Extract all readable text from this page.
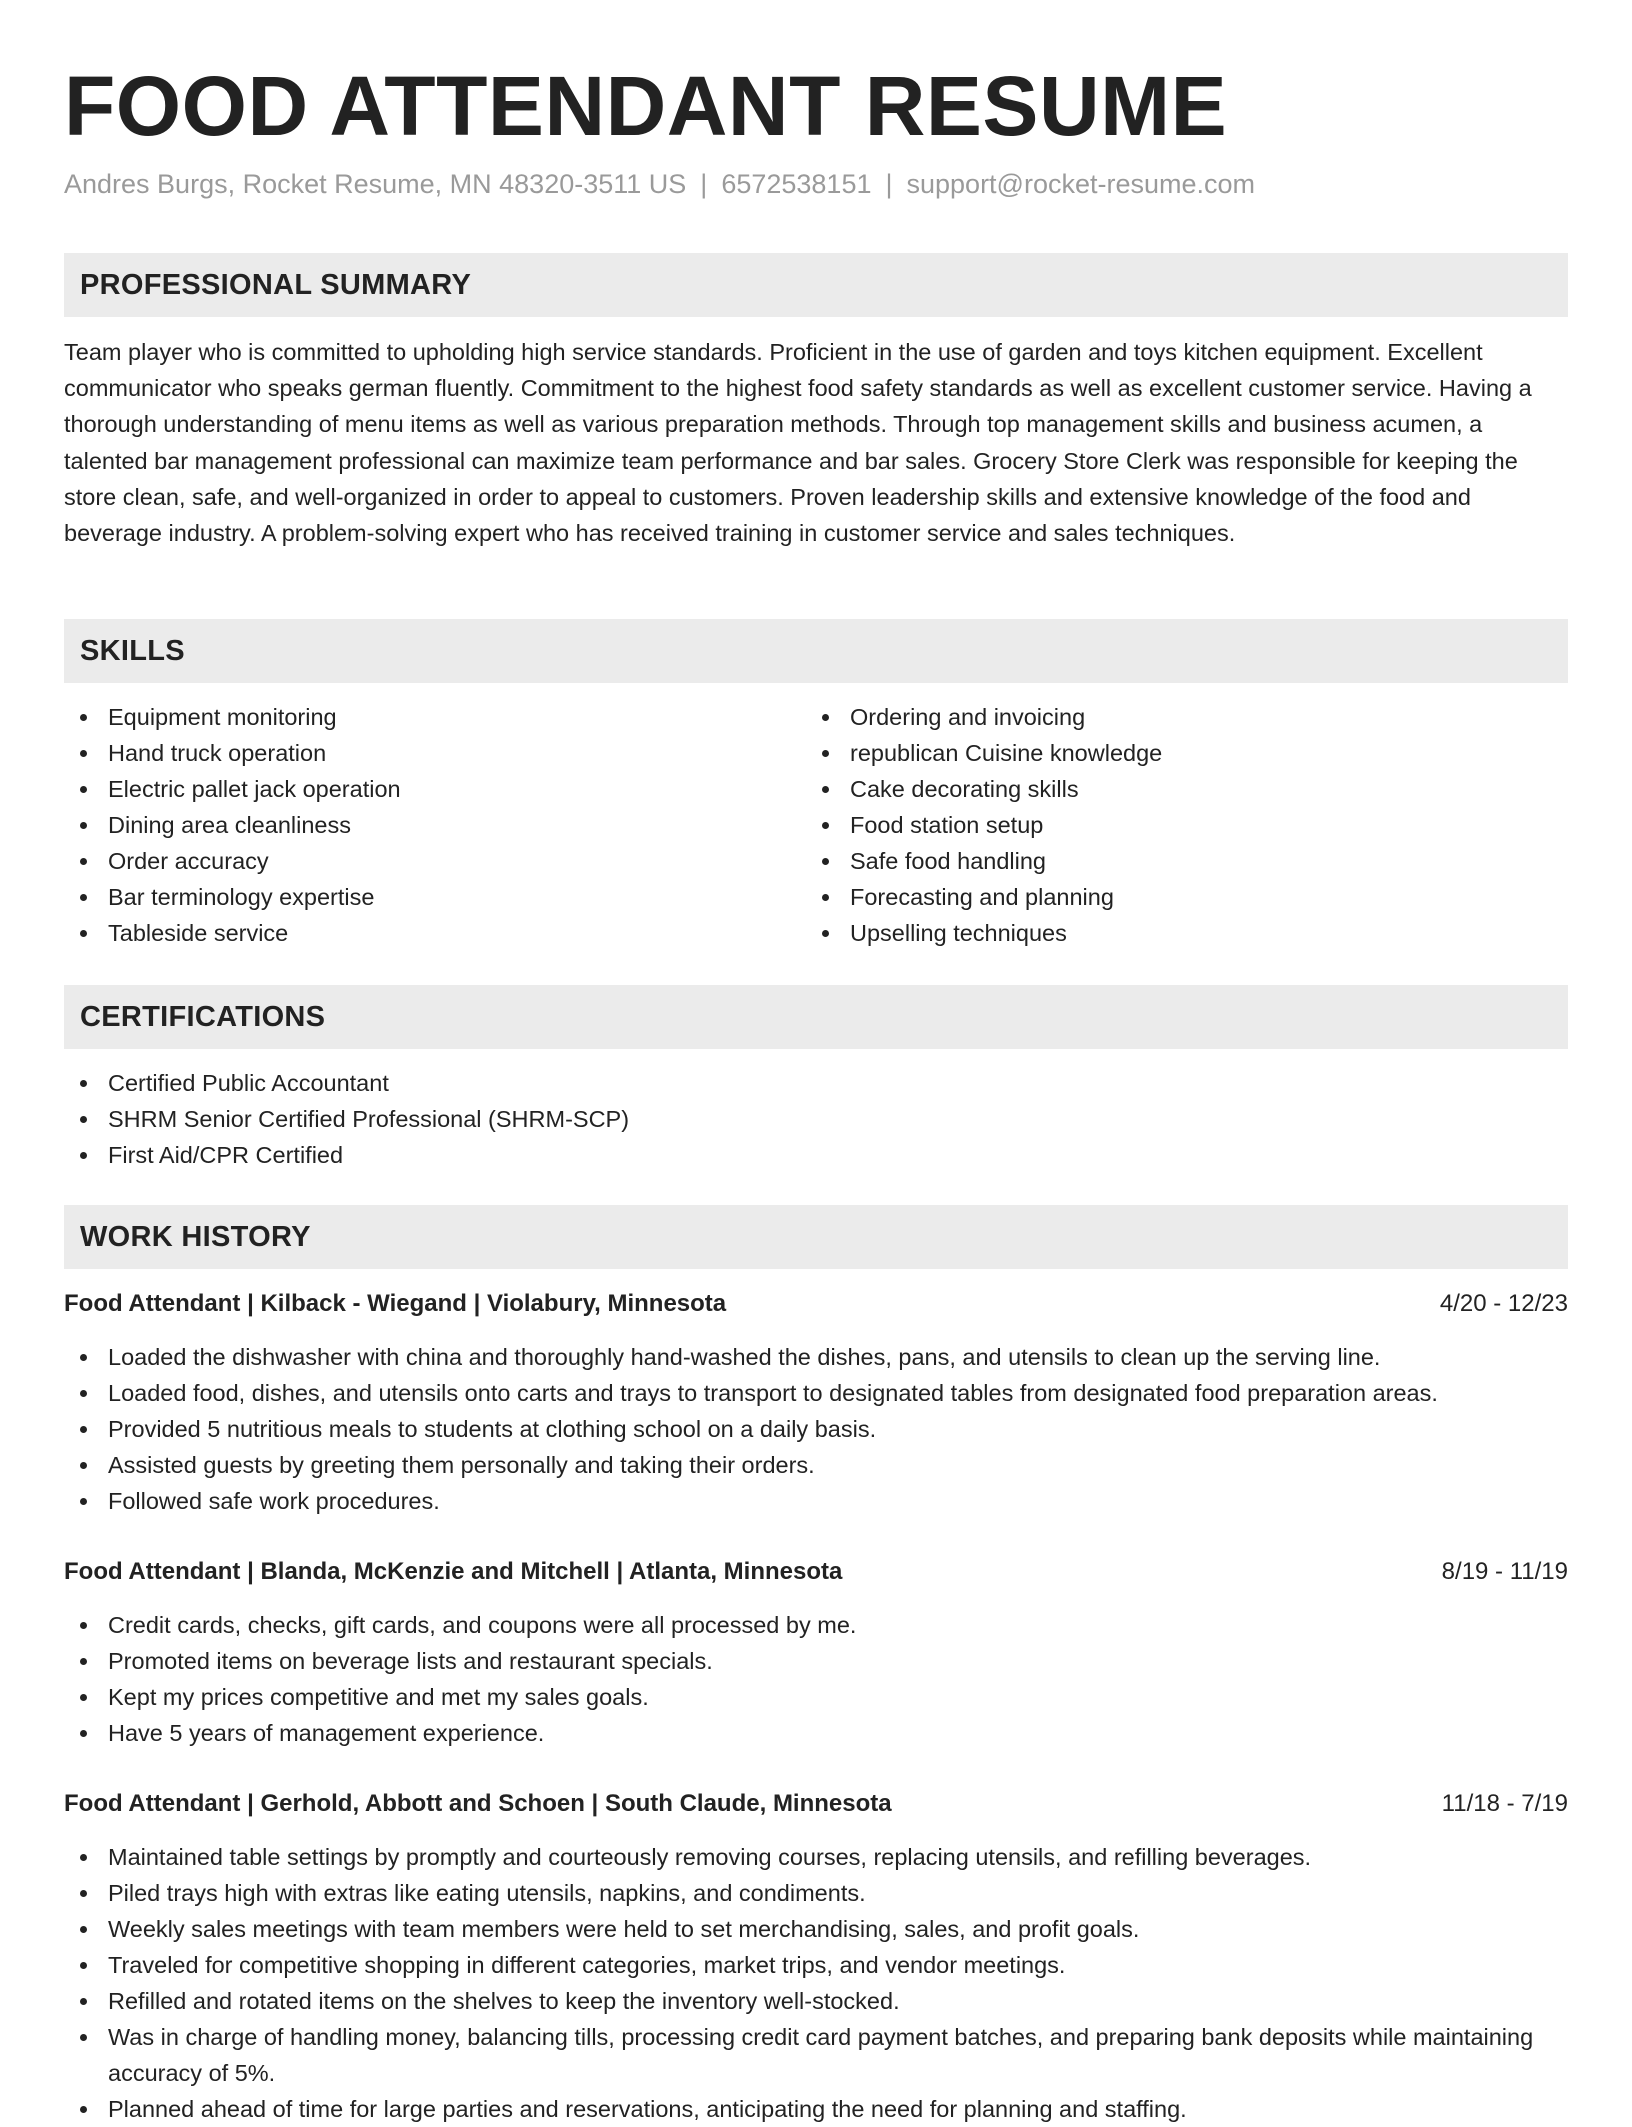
FOOD ATTENDANT RESUME
Andres Burgs, Rocket Resume, MN 48320-3511 US | 6572538151 | support@rocket-resume.com
PROFESSIONAL SUMMARY

Team player who is committed to upholding high service standards. Proficient in the use of garden and toys kitchen equipment. Excellent communicator who speaks german fluently. Commitment to the highest food safety standards as well as excellent customer service. Having a thorough understanding of menu items as well as various preparation methods. Through top management skills and business acumen, a talented bar management professional can maximize team performance and bar sales. Grocery Store Clerk was responsible for keeping the store clean, safe, and well-organized in order to appeal to customers. Proven leadership skills and extensive knowledge of the food and beverage industry. A problem-solving expert who has received training in customer service and sales techniques.

SKILLS
Equipment monitoring
Hand truck operation
Electric pallet jack operation
Dining area cleanliness
Order accuracy
Bar terminology expertise
Tableside service
Ordering and invoicing
republican Cuisine knowledge
Cake decorating skills
Food station setup
Safe food handling
Forecasting and planning
Upselling techniques
CERTIFICATIONS
Certified Public Accountant
SHRM Senior Certified Professional (SHRM-SCP)
First Aid/CPR Certified
WORK HISTORY
Food Attendant | Kilback - Wiegand | Violabury, Minnesota	4/20 - 12/23
Loaded the dishwasher with china and thoroughly hand-washed the dishes, pans, and utensils to clean up the serving line.
Loaded food, dishes, and utensils onto carts and trays to transport to designated tables from designated food preparation areas.
Provided 5 nutritious meals to students at clothing school on a daily basis.
Assisted guests by greeting them personally and taking their orders.
Followed safe work procedures.
Food Attendant | Blanda, McKenzie and Mitchell | Atlanta, Minnesota	8/19 - 11/19
Credit cards, checks, gift cards, and coupons were all processed by me.
Promoted items on beverage lists and restaurant specials.
Kept my prices competitive and met my sales goals.
Have 5 years of management experience.
Food Attendant | Gerhold, Abbott and Schoen | South Claude, Minnesota	11/18 - 7/19
Maintained table settings by promptly and courteously removing courses, replacing utensils, and refilling beverages.
Piled trays high with extras like eating utensils, napkins, and condiments.
Weekly sales meetings with team members were held to set merchandising, sales, and profit goals.
Traveled for competitive shopping in different categories, market trips, and vendor meetings.
Refilled and rotated items on the shelves to keep the inventory well-stocked.
Was in charge of handling money, balancing tills, processing credit card payment batches, and preparing bank deposits while maintaining accuracy of 5%.
Planned ahead of time for large parties and reservations, anticipating the need for planning and staffing.
